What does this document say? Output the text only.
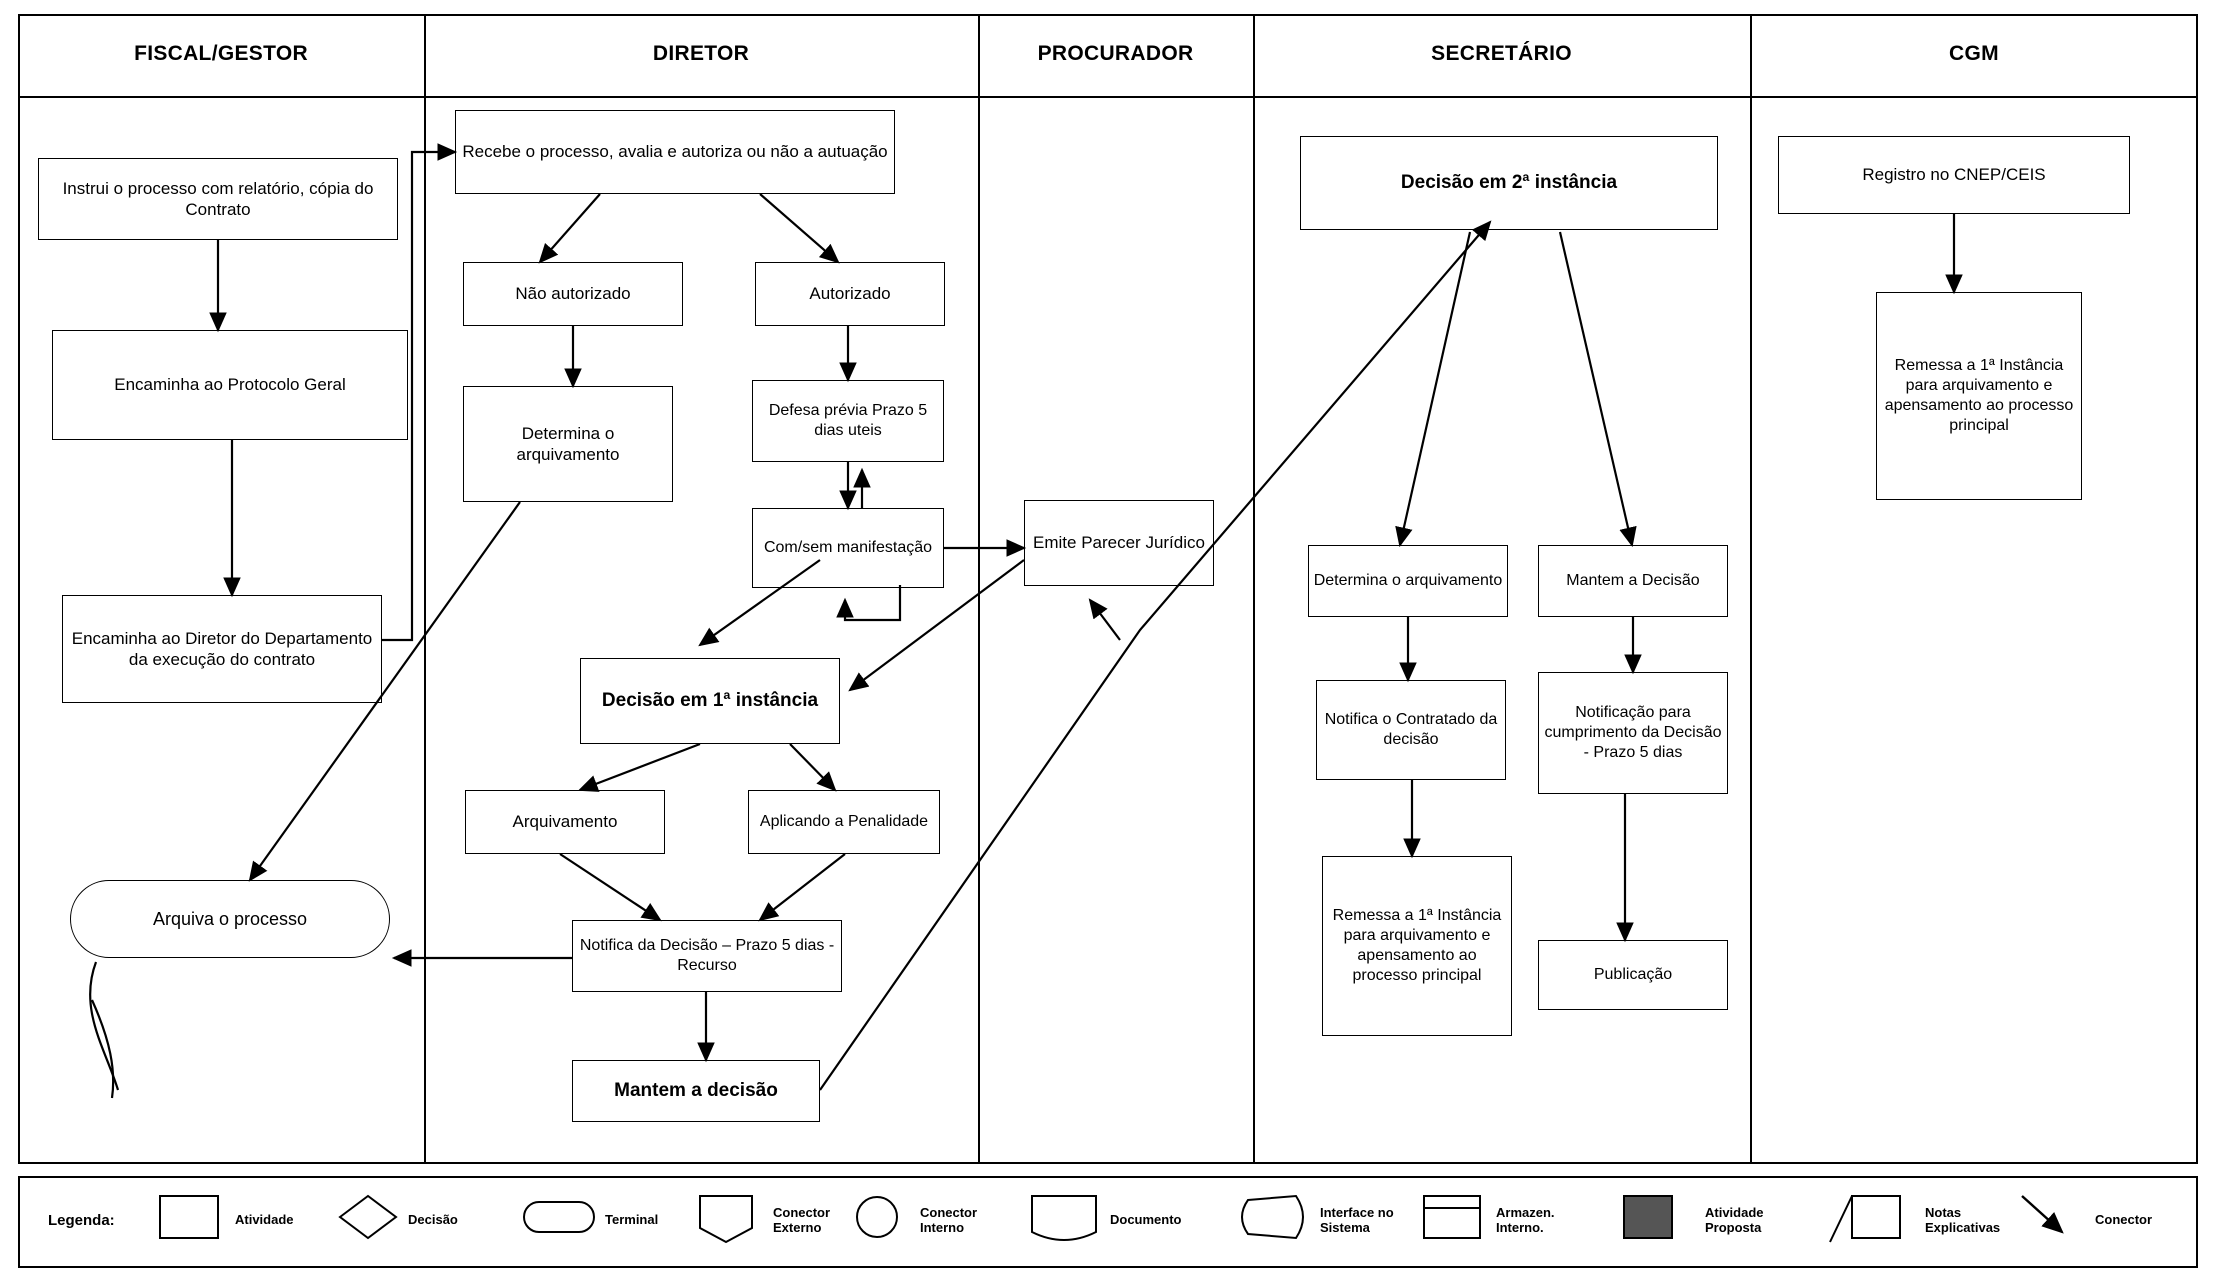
FISCAL/GESTOR	DIRETOR	PROCURADOR	SECRETÁRIO	CGM
Instrui o processo com relatório, cópia do Contrato
Encaminha ao Protocolo Geral
Encaminha ao Diretor do Departamento da execução do contrato
Arquiva o processo
Recebe o processo, avalia e autoriza ou não a autuação
Não autorizado	Autorizado
Determina o arquivamento
Defesa prévia Prazo 5 dias uteis
Com/sem manifestação
Decisão em 1ª instância
Arquivamento	Aplicando a Penalidade
Notifica da Decisão – Prazo 5 dias - Recurso
Mantem a decisão
Emite Parecer Jurídico
Decisão em 2ª instância
Determina o arquivamento	Mantem a Decisão
Notifica o Contratado da decisão
Notificação para cumprimento da Decisão - Prazo 5 dias
Remessa a 1ª Instância para arquivamento e apensamento ao processo principal	Publicação
Registro no CNEP/CEIS
Remessa a 1ª Instância para arquivamento e apensamento ao processo principal
Legenda:	Atividade	Decisão	Terminal	Conector Externo
Conector Interno
Documento	Interface no Sistema
Armazen. Interno.
Atividade Proposta
Notas Explicativas
Conector
